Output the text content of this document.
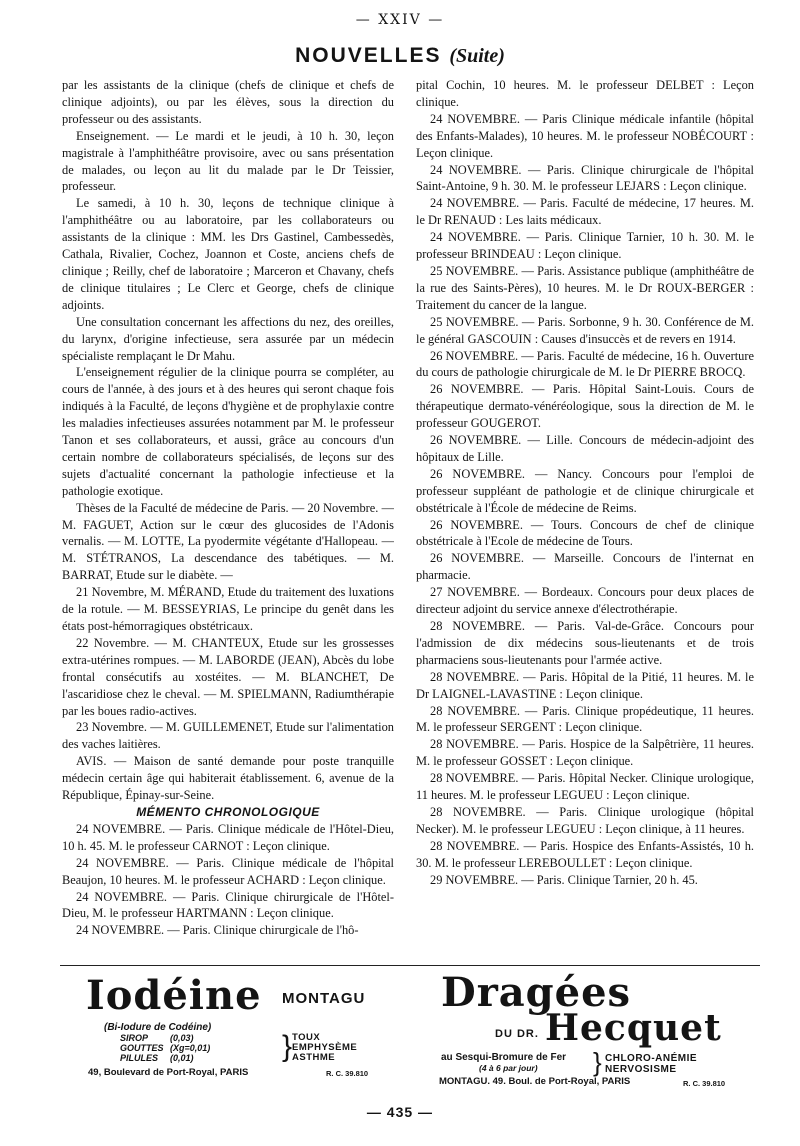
— XXIV —
NOUVELLES (Suite)

par les assistants de la clinique (chefs de clinique et chefs de clinique adjoints), ou par les élèves, sous la direction du professeur ou des assistants.

Enseignement. — Le mardi et le jeudi, à 10 h. 30, leçon magistrale à l'amphithéâtre provisoire, avec ou sans présentation de malades, ou leçon au lit du malade par le Dr Teissier, professeur.

Le samedi, à 10 h. 30, leçons de technique clinique à l'amphithéâtre ou au laboratoire, par les collaborateurs ou assistants de la clinique : MM. les Drs Gastinel, Cambessedès, Cathala, Rivalier, Cochez, Joannon et Coste, anciens chefs de clinique ; Reilly, chef de laboratoire ; Marceron et Chavany, chefs de clinique titulaires ; Le Clerc et George, chefs de clinique adjoints.

Une consultation concernant les affections du nez, des oreilles, du larynx, d'origine infectieuse, sera assurée par un médecin spécialiste remplaçant le Dr Mahu.

L'enseignement régulier de la clinique pourra se compléter, au cours de l'année, à des jours et à des heures qui seront chaque fois indiqués à la Faculté, de leçons d'hygiène et de prophylaxie contre les maladies infectieuses assurées notamment par M. le professeur Tanon et ses collaborateurs, et aussi, grâce au concours d'un certain nombre de collaborateurs spécialisés, de leçons sur des sujets d'actualité concernant la pathologie infectieuse et la pathologie exotique.

Thèses de la Faculté de médecine de Paris. — 20 Novembre. — M. FAGUET, Action sur le cœur des glucosides de l'Adonis vernalis. — M. LOTTE, La pyodermite végétante d'Hallopeau. — M. STÉTRANOS, La descendance des tabétiques. — M. BARRAT, Etude sur le diabète. —

21 Novembre, M. MÉRAND, Etude du traitement des luxations de la rotule. — M. BESSEYRIAS, Le principe du genêt dans les états post-hémorragiques obstétricaux.

22 Novembre. — M. CHANTEUX, Etude sur les grossesses extra-utérines rompues. — M. LABORDE (JEAN), Abcès du lobe frontal consécutifs au xostéites. — M. BLANCHET, De l'ascaridiose chez le cheval. — M. SPIELMANN, Radiumthérapie par les boues radio-actives.

23 Novembre. — M. GUILLEMENET, Etude sur l'alimentation des vaches laitières.

AVIS. — Maison de santé demande pour poste tranquille médecin certain âge qui habiterait établissement. 6, avenue de la République, Épinay-sur-Seine.

MÉMENTO CHRONOLOGIQUE

24 NOVEMBRE. — Paris. Clinique médicale de l'Hôtel-Dieu, 10 h. 45. M. le professeur CARNOT : Leçon clinique.

24 NOVEMBRE. — Paris. Clinique médicale de l'hôpital Beaujon, 10 heures. M. le professeur ACHARD : Leçon clinique.

24 NOVEMBRE. — Paris. Clinique chirurgicale de l'Hôtel-Dieu, M. le professeur HARTMANN : Leçon clinique.

24 NOVEMBRE. — Paris. Clinique chirurgicale de l'hô-

pital Cochin, 10 heures. M. le professeur DELBET : Leçon clinique.

24 NOVEMBRE. — Paris Clinique médicale infantile (hôpital des Enfants-Malades), 10 heures. M. le professeur NOBÉCOURT : Leçon clinique.

24 NOVEMBRE. — Paris. Clinique chirurgicale de l'hôpital Saint-Antoine, 9 h. 30. M. le professeur LEJARS : Leçon clinique.

24 NOVEMBRE. — Paris. Faculté de médecine, 17 heures. M. le Dr RENAUD : Les laits médicaux.

24 NOVEMBRE. — Paris. Clinique Tarnier, 10 h. 30. M. le professeur BRINDEAU : Leçon clinique.

25 NOVEMBRE. — Paris. Assistance publique (amphithéâtre de la rue des Saints-Pères), 10 heures. M. le Dr ROUX-BERGER : Traitement du cancer de la langue.

25 NOVEMBRE. — Paris. Sorbonne, 9 h. 30. Conférence de M. le général GASCOUIN : Causes d'insuccès et de revers en 1914.

26 NOVEMBRE. — Paris. Faculté de médecine, 16 h. Ouverture du cours de pathologie chirurgicale de M. le Dr PIERRE BROCQ.

26 NOVEMBRE. — Paris. Hôpital Saint-Louis. Cours de thérapeutique dermato-vénéréologique, sous la direction de M. le professeur GOUGEROT.

26 NOVEMBRE. — Lille. Concours de médecin-adjoint des hôpitaux de Lille.

26 NOVEMBRE. — Nancy. Concours pour l'emploi de professeur suppléant de pathologie et de clinique chirurgicale et obstétricale à l'École de médecine de Reims.

26 NOVEMBRE. — Tours. Concours de chef de clinique obstétricale à l'Ecole de médecine de Tours.

26 NOVEMBRE. — Marseille. Concours de l'internat en pharmacie.

27 NOVEMBRE. — Bordeaux. Concours pour deux places de directeur adjoint du service annexe d'électrothérapie.

28 NOVEMBRE. — Paris. Val-de-Grâce. Concours pour l'admission de dix médecins sous-lieutenants et de trois pharmaciens sous-lieutenants pour l'armée active.

28 NOVEMBRE. — Paris. Hôpital de la Pitié, 11 heures. M. le Dr LAIGNEL-LAVASTINE : Leçon clinique.

28 NOVEMBRE. — Paris. Clinique propédeutique, 11 heures. M. le professeur SERGENT : Leçon clinique.

28 NOVEMBRE. — Paris. Hospice de la Salpêtrière, 11 heures. M. le professeur GOSSET : Leçon clinique.

28 NOVEMBRE. — Paris. Hôpital Necker. Clinique urologique, 11 heures. M. le professeur LEGUEU : Leçon clinique.

28 NOVEMBRE. — Paris. Clinique urologique (hôpital Necker). M. le professeur LEGUEU : Leçon clinique, à 11 heures.

28 NOVEMBRE. — Paris. Hospice des Enfants-Assistés, 10 h. 30. M. le professeur LEREBOULLET : Leçon clinique.

29 NOVEMBRE. — Paris. Clinique Tarnier, 20 h. 45.

Iodéine MONTAGU
(Bi-Iodure de Codéine)
SIROP (0,03)
GOUTTES (Xg=0,01)
PILULES (0,01)	} TOUX
EMPHYSÈME
ASTHME
49, Boulevard de Port-Royal, PARIS	R. C. 39.810
Dragées
DU DR. Hecquet
au Sesqui-Bromure de Fer
(4 à 6 par jour) } CHLORO-ANÉMIE
NERVOSISME
MONTAGU. 49. Boul. de Port-Royal, PARIS	R. C. 39.810
— 435 —
